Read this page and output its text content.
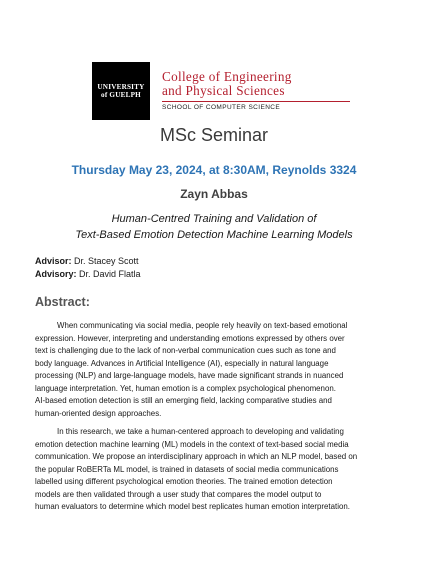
UNIVERSITY
of GUELPH
College of Engineering
and Physical Sciences
SCHOOL OF COMPUTER SCIENCE
MSc Seminar
Thursday May 23, 2024, at 8:30AM, Reynolds 3324
Zayn Abbas
Human-Centred Training and Validation of
Text-Based Emotion Detection Machine Learning Models
Advisor: Dr. Stacey Scott
Advisory: Dr. David Flatla
Abstract:
When communicating via social media, people rely heavily on text-based emotional
expression. However, interpreting and understanding emotions expressed by others over
text is challenging due to the lack of non-verbal communication cues such as tone and
body language. Advances in Artificial Intelligence (AI), especially in natural language
processing (NLP) and large-language models, have made significant strands in nuanced
language interpretation. Yet, human emotion is a complex psychological phenomenon.
AI-based emotion detection is still an emerging field, lacking comparative studies and
human-oriented design approaches.
In this research, we take a human-centered approach to developing and validating
emotion detection machine learning (ML) models in the context of text-based social media
communication. We propose an interdisciplinary approach in which an NLP model, based on
the popular RoBERTa ML model, is trained in datasets of social media communications
labelled using different psychological emotion theories. The trained emotion detection
models are then validated through a user study that compares the model output to
human evaluators to determine which model best replicates human emotion interpretation.
